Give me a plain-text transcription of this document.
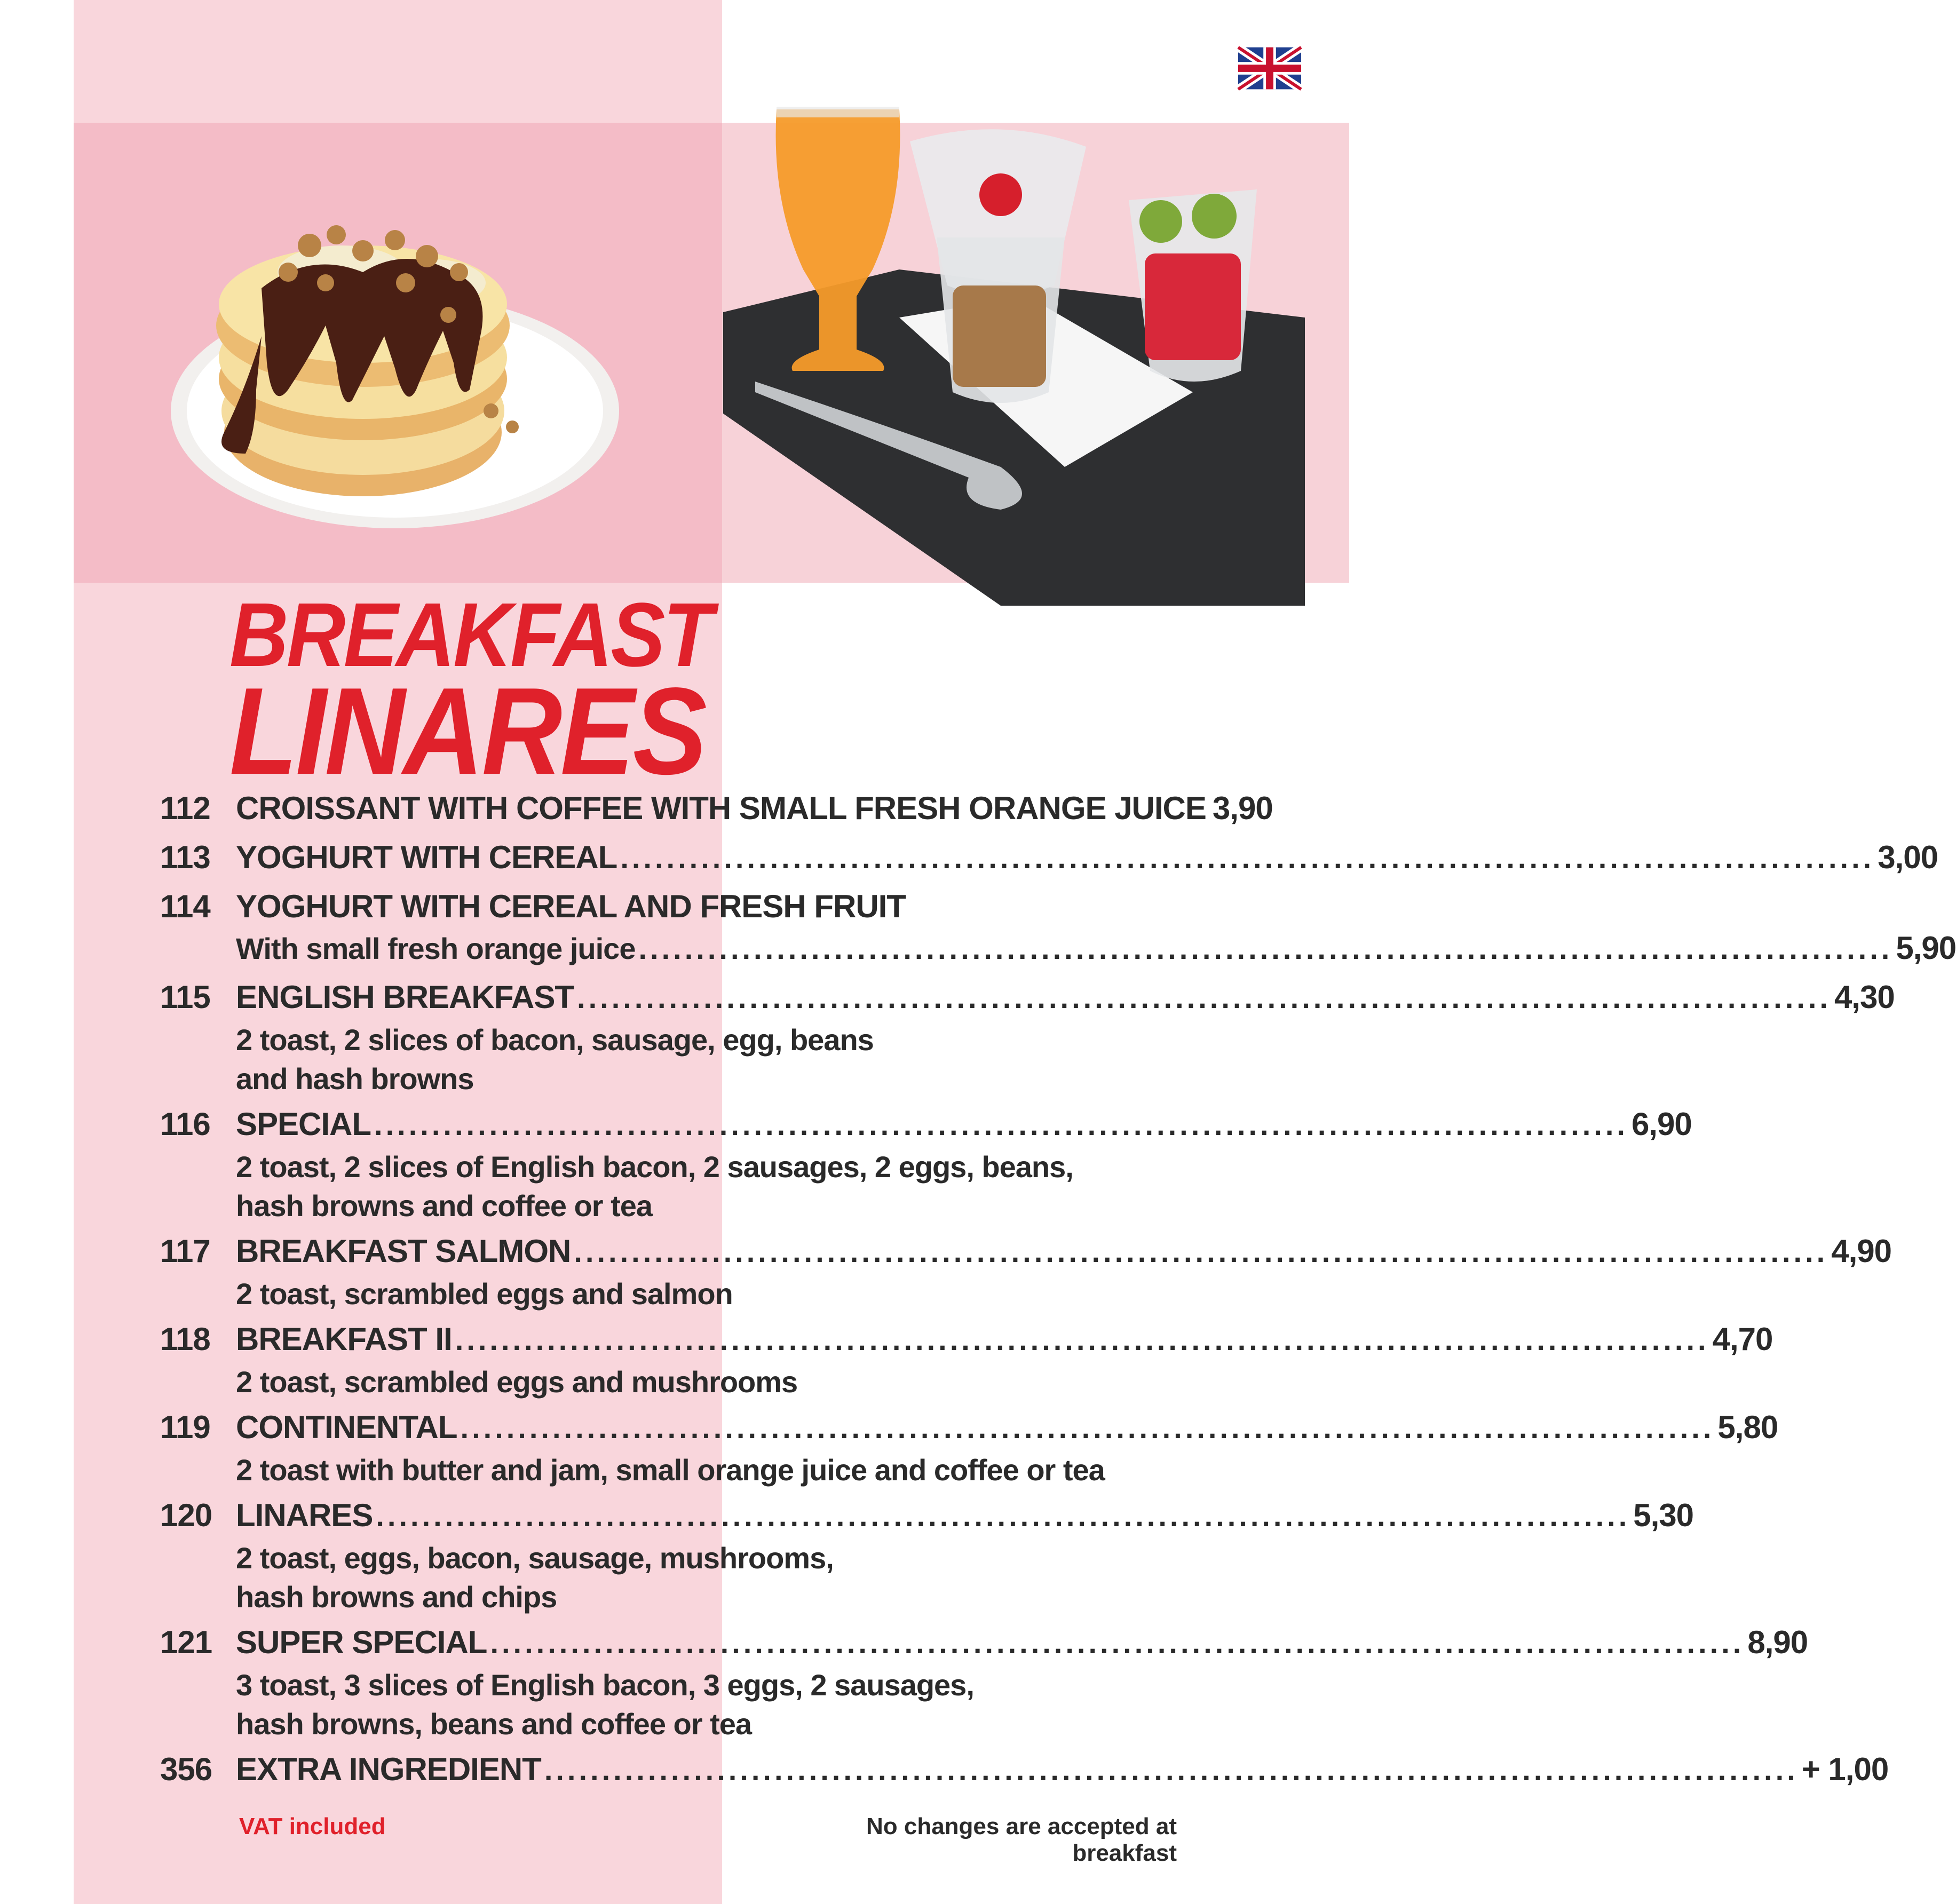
BREAKFAST
LINARES
112 CROISSANT WITH COFFEE WITH SMALL FRESH ORANGE JUICE 3,90
113 YOGHURT WITH CEREAL ............................................................................................................. 3,00
114 YOGHURT WITH CEREAL AND FRESH FRUIT
With small fresh orange juice ............................................................................................................. 5,90
115 ENGLISH BREAKFAST ............................................................................................................. 4,30
2 toast, 2 slices of bacon, sausage, egg, beans
and hash browns
116 SPECIAL ............................................................................................................. 6,90
2 toast, 2 slices of English bacon, 2 sausages, 2 eggs, beans,
hash browns and coffee or tea
117 BREAKFAST SALMON ............................................................................................................. 4,90
2 toast, scrambled eggs and salmon
118 BREAKFAST II ............................................................................................................. 4,70
2 toast, scrambled eggs and mushrooms
119 CONTINENTAL ............................................................................................................. 5,80
2 toast with butter and jam, small orange juice and coffee or tea
120 LINARES ............................................................................................................. 5,30
2 toast, eggs, bacon, sausage, mushrooms,
hash browns and chips
121 SUPER SPECIAL ............................................................................................................. 8,90
3 toast, 3 slices of English bacon, 3 eggs, 2 sausages,
hash browns, beans and coffee or tea
356 EXTRA INGREDIENT ............................................................................................................. + 1,00
VAT included	No changes are accepted at breakfast
